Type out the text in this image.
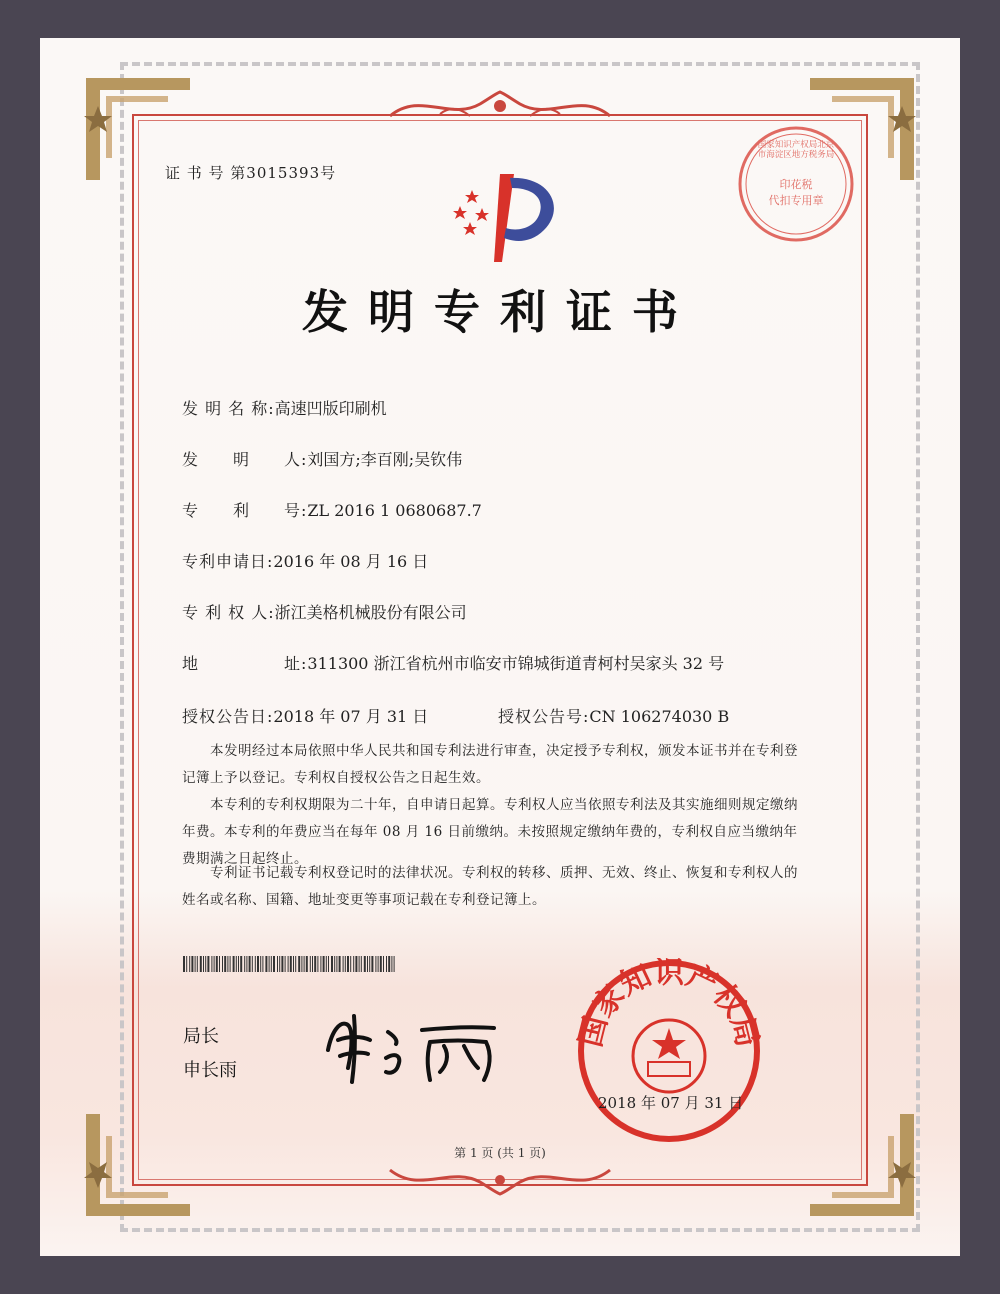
证 书 号 第3015393号
国家知识产权局北京市海淀区地方税务局
印花税
代扣专用章
发明专利证书
发 明 名 称:高速凹版印刷机
发　　明　　人:刘国方;李百刚;吴钦伟
专　　利　　号:ZL 2016 1 0680687.7
专利申请日:2016 年 08 月 16 日
专 利 权 人:浙江美格机械股份有限公司
地　　　　　址:311300 浙江省杭州市临安市锦城街道青柯村吴家头 32 号
授权公告日:2018 年 07 月 31 日	授权公告号:CN 106274030 B
本发明经过本局依照中华人民共和国专利法进行审查，决定授予专利权，颁发本证书并在专利登记簿上予以登记。专利权自授权公告之日起生效。
本专利的专利权期限为二十年，自申请日起算。专利权人应当依照专利法及其实施细则规定缴纳年费。本专利的年费应当在每年 08 月 16 日前缴纳。未按照规定缴纳年费的，专利权自应当缴纳年费期满之日起终止。
专利证书记载专利权登记时的法律状况。专利权的转移、质押、无效、终止、恢复和专利权人的姓名或名称、国籍、地址变更等事项记载在专利登记簿上。
局长
申长雨
国家知识产权局
2018 年 07 月 31 日
第 1 页 (共 1 页)
